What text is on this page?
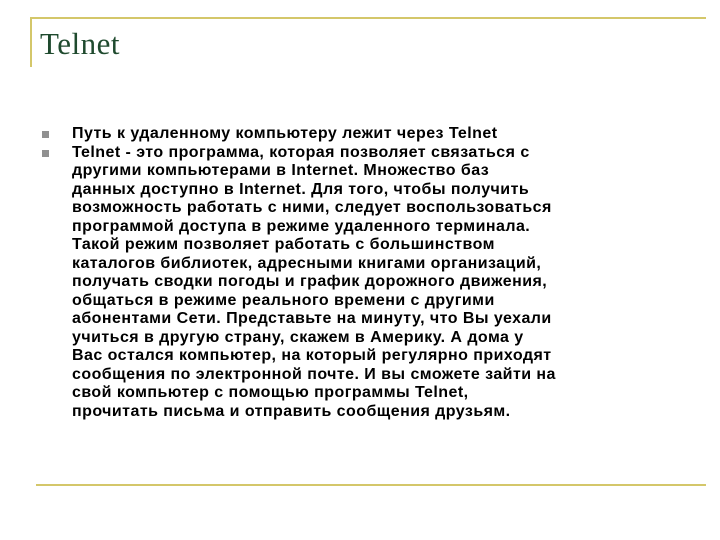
Telnet
Путь к удаленному компьютеру лежит через Telnet
Telnet - это программа, которая позволяет связаться с
другими компьютерами в Internet. Множество баз
данных доступно в Internet. Для того, чтобы получить
возможность работать с ними, следует воспользоваться
программой доступа в режиме удаленного терминала.
Такой режим позволяет работать с большинством
каталогов библиотек, адресными книгами организаций,
получать сводки погоды и график дорожного движения,
общаться в режиме реального времени с другими
абонентами Сети. Представьте на минуту, что Вы уехали
учиться в другую страну, скажем в Америку. А дома у
Вас остался компьютер, на который регулярно приходят
сообщения по электронной почте. И вы сможете зайти на
свой компьютер с помощью программы Telnet,
прочитать письма и отправить сообщения друзьям.
